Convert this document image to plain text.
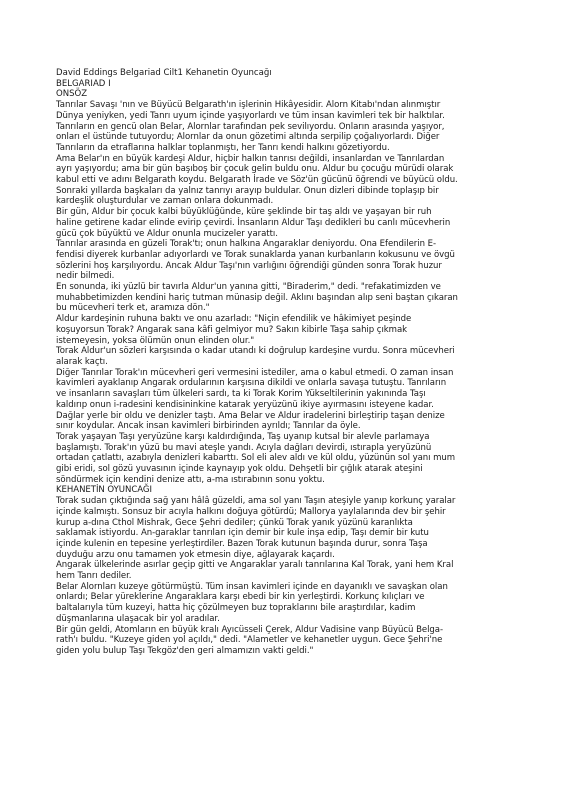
David Eddings Belgariad Cilt1 Kehanetin Oyuncağı

BELGARIAD I

ONSÖZ

Tanrılar Savaşı 'nın ve Büyücü Belgarath'ın işlerinin Hikâyesidir. Alorn Kitabı'ndan alınmıştır

Dünya yeniyken, yedi Tanrı uyum içinde yaşıyorlardı ve tüm insan kavimleri tek bir halktılar.

Tanrıların en gencü olan Belar, Alornlar tarafından pek sevilıyordu. Onların arasında yaşıyor,

onları el üstünde tutuyordu; Alornlar da onun gözetimi altında serpilip çoğalıyorlardı. Diğer

Tanrıların da etraflarına halklar toplanmıştı, her Tanrı kendi halkını gözetiyordu.

Ama Belar'ın en büyük kardeşi Aldur, hiçbir halkın tanrısı değildi, insanlardan ve Tanrılardan

ayrı yaşıyordu; ama bir gün başıboş bir çocuk geliп buldu onu. Aldur bu çocuğu mürüdi olarak

kabul etti ve adını Belgarath koydu. Belgarath İrade ve Söz'ün gücünü öğrendi ve büyücü oldu.

Sonraki yıllarda başkaları da yalnız tanrıyı arayıp buldular. Onun dizleri dibinde toplaşıp bir

kardeşlik oluşturdular ve zaman onlara dokunmadı.

Bir gün, Aldur bir çocuk kalbi büyüklüğünde, küre şeklinde bir taş aldı ve yaşayan bir ruh

haline getirene kadar elinde evirip çevirdi. İnsanların Aldur Taşı dedikleri bu canlı mücevherin

gücü çok büyüktü ve Aldur onunla mucizeler yarattı.

Tanrılar arasında en güzeli Torak'tı; onun halkına Angaraklar deniyordu. Ona Efendilerin E-

fendisi diyerek kurbanlar adıyorlardı ve Torak sunaklarda yanan kurbanların kokusunu ve övgü

sözlerini hoş karşılıyordu. Ancak Aldur Taşı'nın varlığını öğrendiği günden sonra Torak huzur

nedir bilmedi.

En sonunda, iki yüzlü bir tavırla Aldur'un yanına gitti, "Biraderim," dedi. "refakatimizden ve

muhabbetimizden kendini hariç tutman münasip değil. Aklını başından alıp seni baştan çıkaran

bu mücevheri terk et, aramıza dön."

Aldur kardeşinin ruhuna baktı ve onu azarladı: "Niçin efendilik ve hâkimiyet peşinde

koşuyorsun Torak? Angarak sana kâfi gelmiyor mu? Sakın kibirle Taşa sahip çıkmak

istemeyesin, yoksa ölümün onun elinden olur."

Torak Aldur'un sözleri karşısında o kadar utandı ki doğrulup kardeşine vurdu. Sonra mücevheri

alarak kaçtı.

Diğer Tanrılar Torak'ın mücevheri geri vermesini istediler, ama o kabul etmedi. O zaman insan

kavimleri ayaklanıp Angarak ordularının karşısına dikildi ve onlarla savaşa tutuştu. Tanrıların

ve insanların savaşları tüm ülkeleri sardı, ta ki Torak Korim Yükseltilerinin yakınında Taşı

kaldırıp onun i-radesini kendisininkine katarak yeryüzünü ikiye ayırmasını isteyene kadar.

Dağlar yerle bir oldu ve denizler taştı. Ama Belar ve Aldur iradelerini birleştirip taşan denize

sınır koydular. Ancak insan kavimleri birbirinden ayrıldı; Tanrılar da öyle.

Torak yaşayan Taşı yeryüzüne karşı kaldırdığında, Taş uyanıp kutsal bir alevle parlamaya

başlamıştı. Torak'ın yüzü bu mavi ateşle yandı. Acıyla dağları devirdi, ıstırapla yeryüzünü

ortadan çatlattı, azabıyla denizleri kabarttı. Sol eli alev aldı ve kül oldu, yüzünün sol yanı mum

gibi eridi, sol gözü yuvasının içinde kaynayıp yok oldu. Dehşetli bir çığlık atarak ateşini

söndürmek için kendini denize attı, a-ma ıstırabının sonu yoktu.

KEHANETİN OYUNCAĞI

Torak sudan çıktığında sağ yanı hâlâ güzeldi, ama sol yanı Taşın ateşiyle yanıp korkunç yaralar

içinde kalmıştı. Sonsuz bir acıyla halkını doğuya götürdü; Mallorya yaylalarında dev bir şehir

kurup a-dına Cthol Mishrak, Gece Şehri dediler; çünkü Torak yanık yüzünü karanlıkta

saklamak istiyordu. An-garaklar tanrıları için demir bir kule inşa edip, Taşı demir bir kutu

içinde kulenin en tepesine yerleştirdiler. Bazen Torak kutunun başında durur, sonra Taşa

duyduğu arzu onu tamamen yok etmesin diye, ağlayarak kaçardı.

Angarak ülkelerinde asırlar geçip gitti ve Angaraklar yaralı tanrılarına Kal Torak, yani hem Kral

hem Tanrı dediler.

Belar Alornları kuzeye götürmüştü. Tüm insan kavimleri içinde en dayanıklı ve savaşkan olan

onlardı; Belar yüreklerine Angaraklara karşı ebedi bir kin yerleştirdi. Korkunç kılıçları ve

baltalarıyla tüm kuzeyi, hatta hiç çözülmeyen buz topraklarını bile araştırdılar, kadim

düşmanlarına ulaşacak bir yol aradılar.

Bir gün geldi, Atomların en büyük kralı Ayıcüsseli Çerek, Aldur Vadisine vanp Büyücü Belga-

rath'ı buldu. "Kuzeye giden yol açıldı," dedi. "Alametler ve kehanetler uygun. Gece Şehri'ne

giden yolu bulup Taşı Tekgöz'den geri almamızın vakti geldi."
